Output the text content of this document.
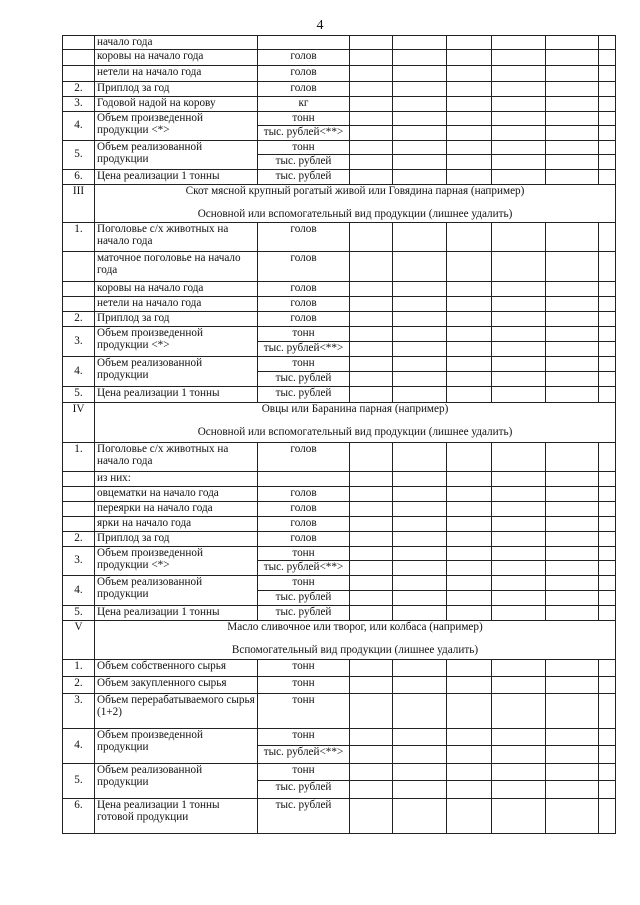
4
	начало года							
	коровы на начало года	голов						
	нетели на начало года	голов						
2.	Приплод за год	голов						
3.	Годовой надой на корову	кг						
4.	Объем произведенной продукции <*>	тонн						
		тыс. рублей<**>						
5.	Объем реализованной продукции	тонн						
		тыс. рублей						
6.	Цена реализации 1 тонны	тыс. рублей						
III	Скот мясной крупный рогатый живой или Говядина парная (например)
Основной или вспомогательный вид продукции (лишнее удалить)							

1.	Поголовье с/х животных на начало года	голов						
	маточное поголовье на начало года	голов						
	коровы на начало года	голов						
	нетели на начало года	голов						
2.	Приплод за год	голов						
3.	Объем произведенной продукции <*>	тонн						
		тыс. рублей<**>						
4.	Объем реализованной продукции	тонн						
		тыс. рублей						
5.	Цена реализации 1 тонны	тыс. рублей						
IV	Овцы или Баранина парная (например)
Основной или вспомогательный вид продукции (лишнее удалить)							

1.	Поголовье с/х животных на начало года	голов						
	из них:							
	овцематки на начало года	голов						
	переярки на начало года	голов						
	ярки на начало года	голов						
2.	Приплод за год	голов						
3.	Объем произведенной продукции <*>	тонн						
		тыс. рублей<**>						
4.	Объем реализованной продукции	тонн						
		тыс. рублей						
5.	Цена реализации 1 тонны	тыс. рублей						
V	Масло сливочное или творог, или колбаса (например)
Вспомогательный вид продукции (лишнее удалить)							

1.	Объем собственного сырья	тонн						
2.	Объем закупленного сырья	тонн						
3.	Объем перерабатываемого сырья (1+2)	тонн						
4.	Объем произведенной продукции	тонн						
		тыс. рублей<**>						
5.	Объем реализованной продукции	тонн						
		тыс. рублей						
6.	Цена реализации 1 тонны готовой продукции	тыс. рублей						
